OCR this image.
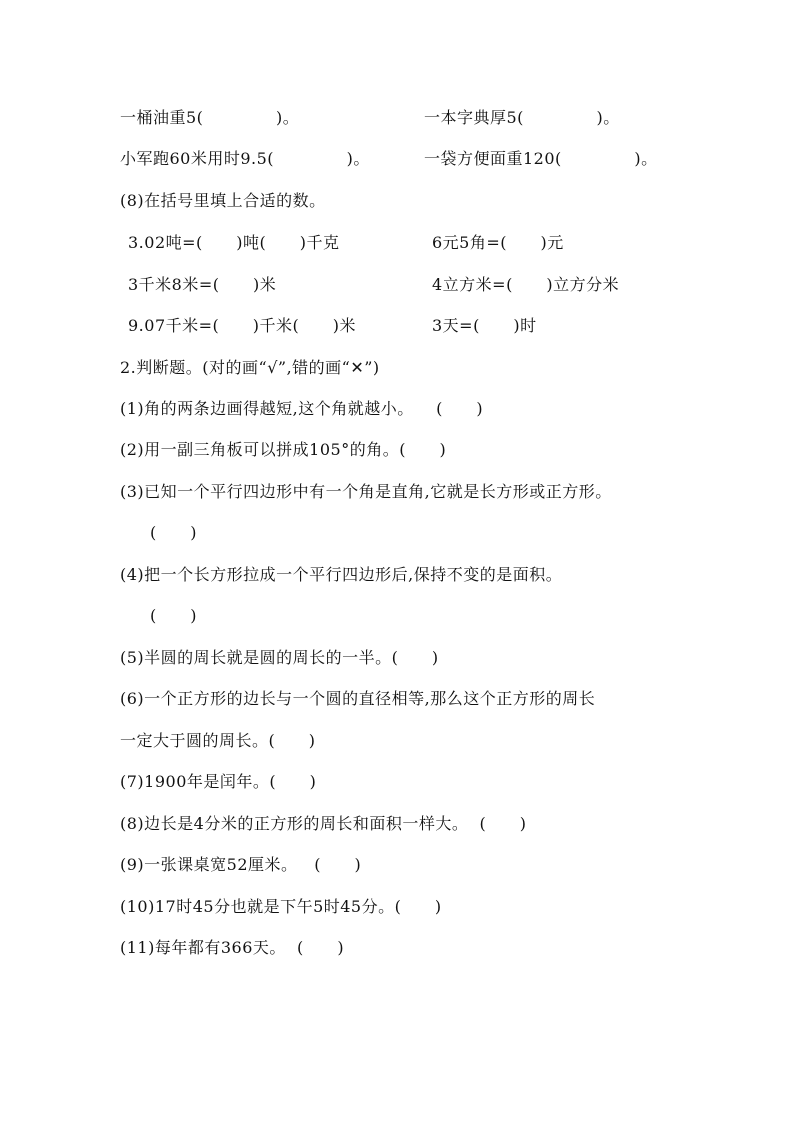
一桶油重5(             )。	一本字典厚5(             )。
小军跑60米用时9.5(             )。	一袋方便面重120(             )。
(8)在括号里填上合适的数。
3.02吨=(      )吨(      )千克	6元5角=(      )元
3千米8米=(      )米	4立方米=(      )立方分米
9.07千米=(      )千米(      )米	3天=(      )时
2.判断题。(对的画“√”,错的画“✕”)
(1)角的两条边画得越短,这个角就越小。    (      )
(2)用一副三角板可以拼成105°的角。(      )
(3)已知一个平行四边形中有一个角是直角,它就是长方形或正方形。
(      )
(4)把一个长方形拉成一个平行四边形后,保持不变的是面积。
(      )
(5)半圆的周长就是圆的周长的一半。(      )
(6)一个正方形的边长与一个圆的直径相等,那么这个正方形的周长
一定大于圆的周长。(      )
(7)1900年是闰年。(      )
(8)边长是4分米的正方形的周长和面积一样大。  (      )
(9)一张课桌宽52厘米。   (      )
(10)17时45分也就是下午5时45分。(      )
(11)每年都有366天。  (      )
